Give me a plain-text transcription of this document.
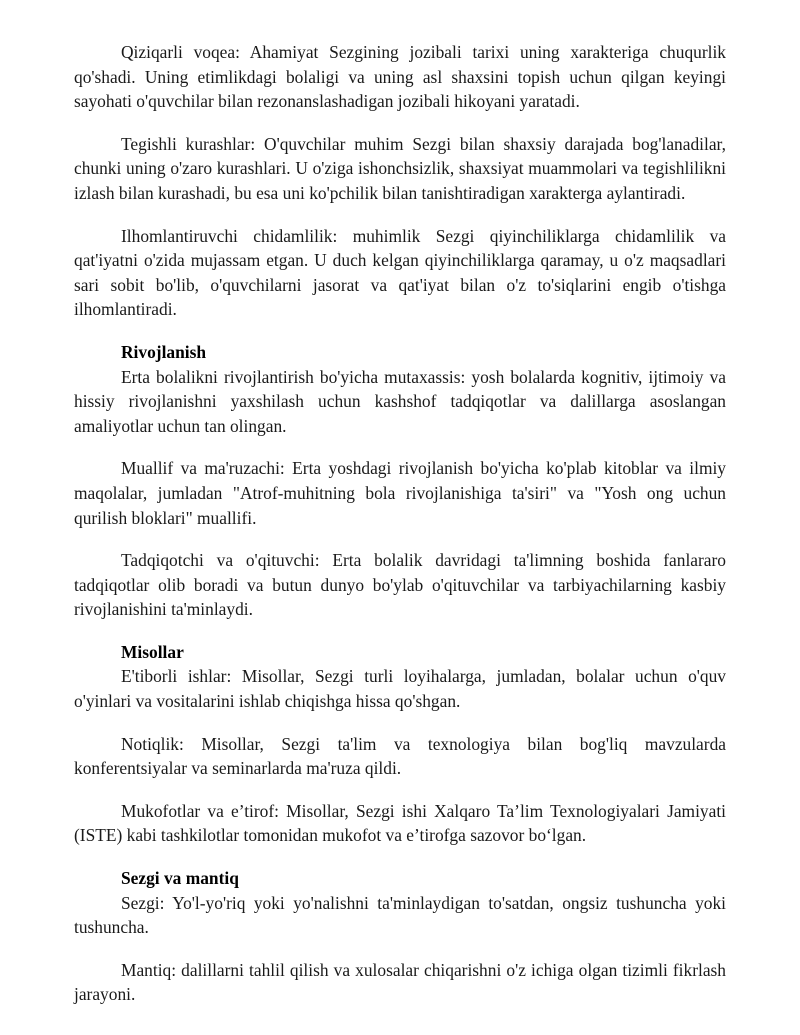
Qiziqarli voqea: Ahamiyat Sezgining jozibali tarixi uning xarakteriga chuqurlik qo'shadi. Uning etimlikdagi bolaligi va uning asl shaxsini topish uchun qilgan keyingi sayohati o'quvchilar bilan rezonanslashadigan jozibali hikoyani yaratadi.

Tegishli kurashlar: O'quvchilar muhim Sezgi bilan shaxsiy darajada bog'lanadilar, chunki uning o'zaro kurashlari. U o'ziga ishonchsizlik, shaxsiyat muammolari va tegishlilikni izlash bilan kurashadi, bu esa uni ko'pchilik bilan tanishtiradigan xarakterga aylantiradi.

Ilhomlantiruvchi chidamlilik: muhimlik Sezgi qiyinchiliklarga chidamlilik va qat'iyatni o'zida mujassam etgan. U duch kelgan qiyinchiliklarga qaramay, u o'z maqsadlari sari sobit bo'lib, o'quvchilarni jasorat va qat'iyat bilan o'z to'siqlarini engib o'tishga ilhomlantiradi.

Rivojlanish

Erta bolalikni rivojlantirish bo'yicha mutaxassis: yosh bolalarda kognitiv, ijtimoiy va hissiy rivojlanishni yaxshilash uchun kashshof tadqiqotlar va dalillarga asoslangan amaliyotlar uchun tan olingan.

Muallif va ma'ruzachi: Erta yoshdagi rivojlanish bo'yicha ko'plab kitoblar va ilmiy maqolalar, jumladan "Atrof-muhitning bola rivojlanishiga ta'siri" va "Yosh ong uchun qurilish bloklari" muallifi.

Tadqiqotchi va o'qituvchi: Erta bolalik davridagi ta'limning boshida fanlararo tadqiqotlar olib boradi va butun dunyo bo'ylab o'qituvchilar va tarbiyachilarning kasbiy rivojlanishini ta'minlaydi.

Misollar

E'tiborli ishlar: Misollar, Sezgi turli loyihalarga, jumladan, bolalar uchun o'quv o'yinlari va vositalarini ishlab chiqishga hissa qo'shgan.

Notiqlik: Misollar, Sezgi ta'lim va texnologiya bilan bog'liq mavzularda konferentsiyalar va seminarlarda ma'ruza qildi.

Mukofotlar va e’tirof: Misollar, Sezgi ishi Xalqaro Ta’lim Texnologiyalari Jamiyati (ISTE) kabi tashkilotlar tomonidan mukofot va e’tirofga sazovor bo‘lgan.

Sezgi va mantiq

Sezgi: Yo'l-yo'riq yoki yo'nalishni ta'minlaydigan to'satdan, ongsiz tushuncha yoki tushuncha.

Mantiq: dalillarni tahlil qilish va xulosalar chiqarishni o'z ichiga olgan tizimli fikrlash jarayoni.
